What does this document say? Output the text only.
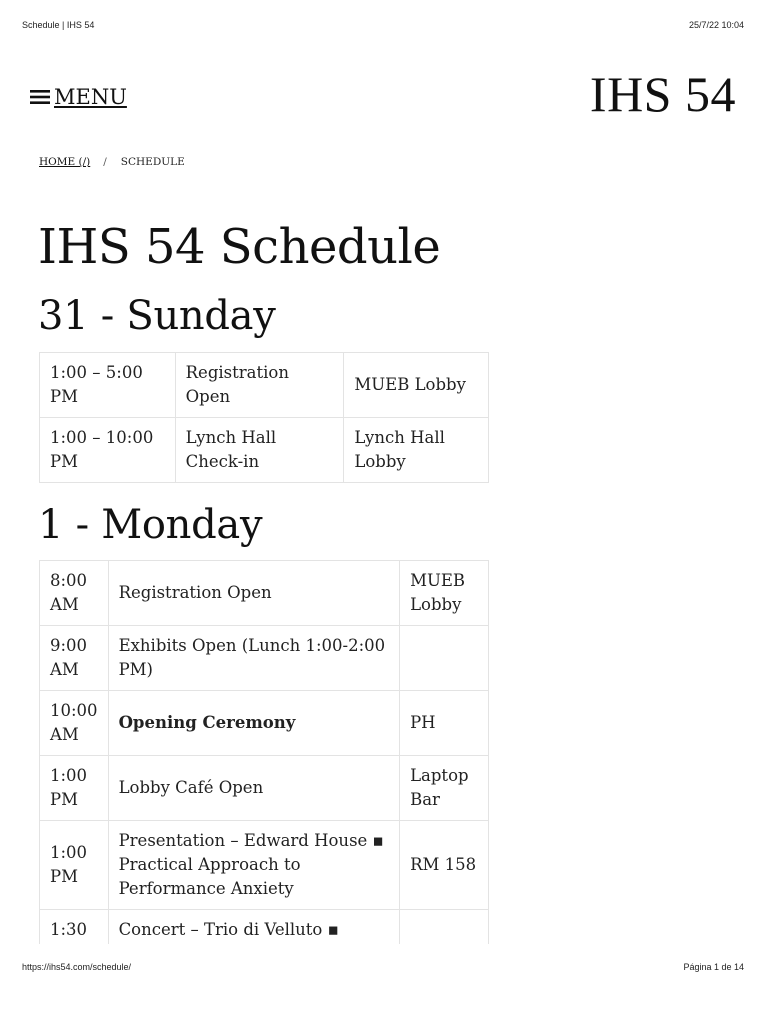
Schedule | IHS 54	25/7/22 10:04
MENU	IHS 54
HOME (/) / SCHEDULE
IHS 54 Schedule
31 - Sunday
1:00 – 5:00 PM	Registration Open	MUEB Lobby
1:00 – 10:00 PM	Lynch Hall Check-in	Lynch Hall Lobby
1 - Monday
8:00 AM	Registration Open	MUEB Lobby
9:00 AM	Exhibits Open (Lunch 1:00-2:00 PM)	
10:00 AM	Opening Ceremony	PH
1:00 PM	Lobby Café Open	Laptop Bar
1:00 PM	Presentation – Edward House ▪ Practical Approach to Performance Anxiety	RM 158
1:30	Concert – Trio di Velluto ▪	
https://ihs54.com/schedule/	Página 1 de 14
